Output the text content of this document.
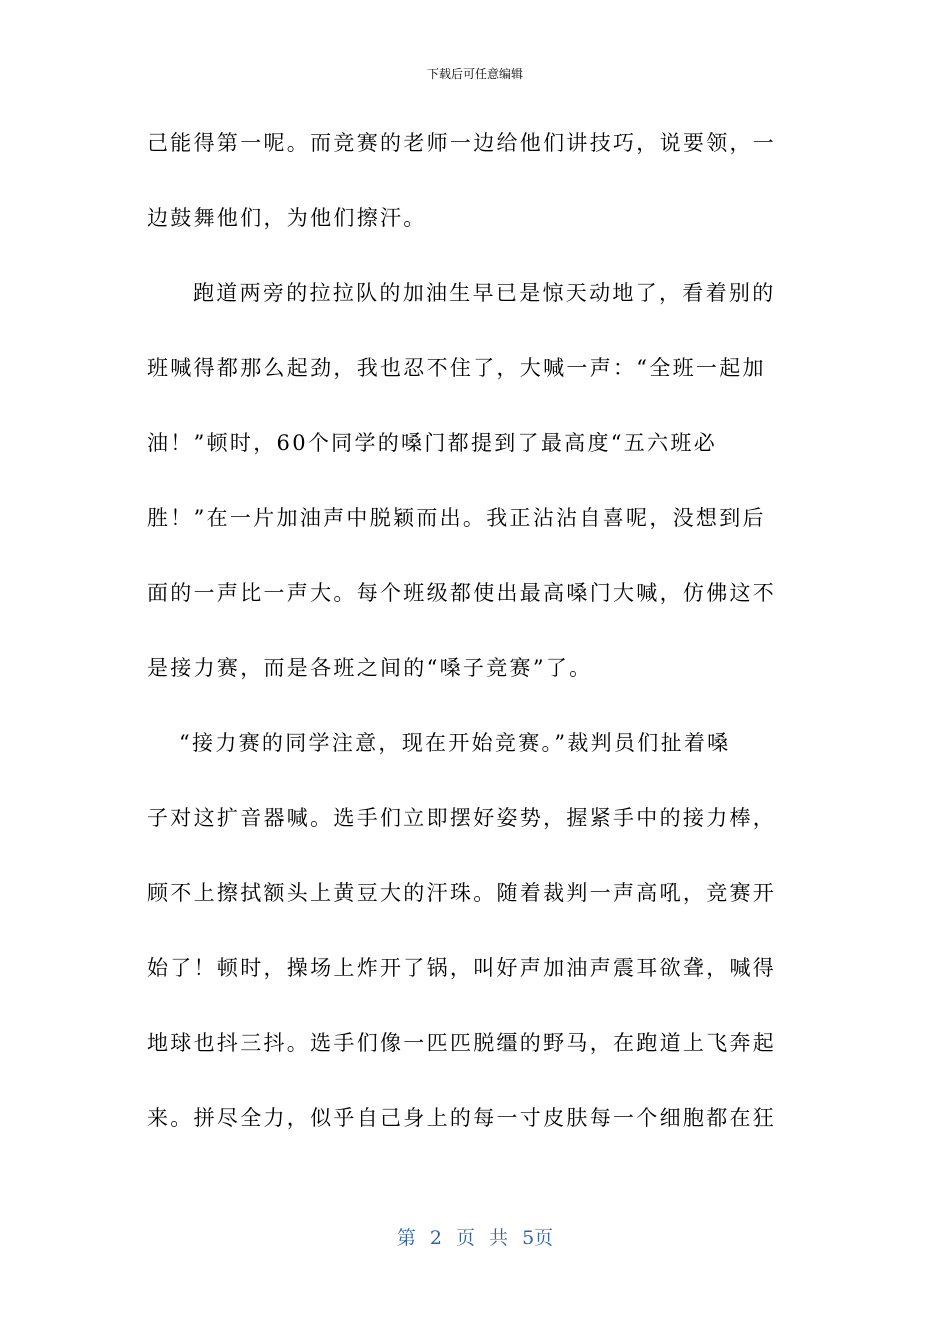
下载后可任意编辑
己能得第一呢。而竞赛的老师一边给他们讲技巧，说要领，一
边鼓舞他们，为他们擦汗。
跑道两旁的拉拉队的加油生早已是惊天动地了，看着别的
班喊得都那么起劲，我也忍不住了，大喊一声：“全班一起加
油！”顿时，60个同学的嗓门都提到了最高度“五六班必
胜！”在一片加油声中脱颖而出。我正沾沾自喜呢，没想到后
面的一声比一声大。每个班级都使出最高嗓门大喊，仿佛这不
是接力赛，而是各班之间的“嗓子竞赛”了。
“接力赛的同学注意，现在开始竞赛。”裁判员们扯着嗓
子对这扩音器喊。选手们立即摆好姿势，握紧手中的接力棒，
顾不上擦拭额头上黄豆大的汗珠。随着裁判一声高吼，竞赛开
始了！顿时，操场上炸开了锅，叫好声加油声震耳欲聋，喊得
地球也抖三抖。选手们像一匹匹脱缰的野马，在跑道上飞奔起
来。拼尽全力，似乎自己身上的每一寸皮肤每一个细胞都在狂
第 2 页 共 5页
